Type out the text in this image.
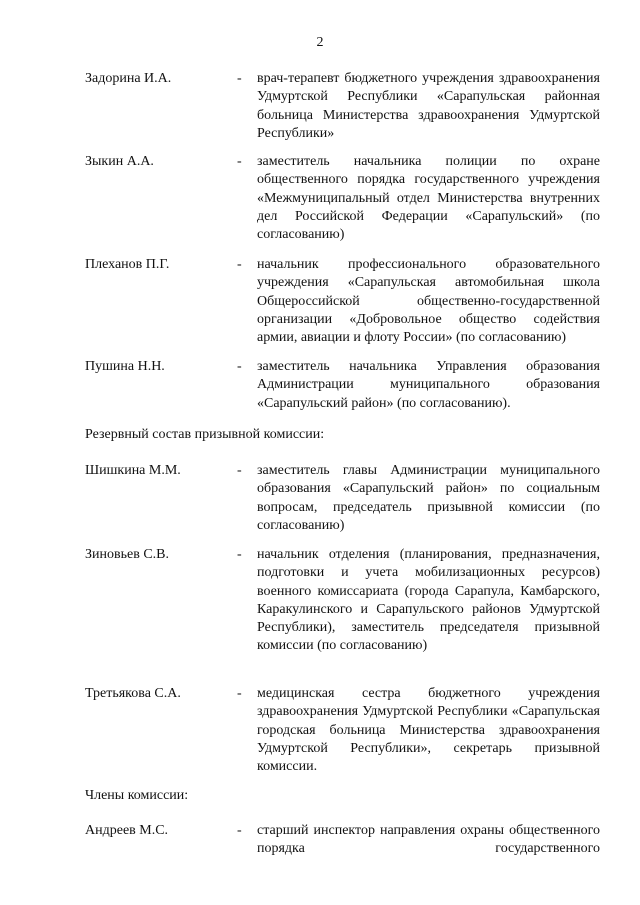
2
Задорина И.А.	- врач-терапевт бюджетного учреждения здравоохранения Удмуртской Республики «Сарапульская районная больница Министерства здравоохранения Удмуртской Республики»
Зыкин А.А.	- заместитель начальника полиции по охране общественного порядка государственного учреждения «Межмуниципальный отдел Министерства внутренних дел Российской Федерации «Сарапульский» (по согласованию)
Плеханов П.Г.	- начальник профессионального образовательного учреждения «Сарапульская автомобильная школа Общероссийской общественно-государственной организации «Добровольное общество содействия армии, авиации и флоту России» (по согласованию)
Пушина Н.Н.	- заместитель начальника Управления образования Администрации муниципального образования «Сарапульский район» (по согласованию).
Резервный состав призывной комиссии:
Шишкина М.М.	- заместитель главы Администрации муниципального образования «Сарапульский район» по социальным вопросам, председатель призывной комиссии (по согласованию)
Зиновьев С.В.	- начальник отделения (планирования, предназначения, подготовки и учета мобилизационных ресурсов) военного комиссариата (города Сарапула, Камбарского, Каракулинского и Сарапульского районов Удмуртской Республики), заместитель председателя призывной комиссии (по согласованию)
Третьякова С.А.	- медицинская сестра бюджетного учреждения здравоохранения Удмуртской Республики «Сарапульская городская больница Министерства здравоохранения Удмуртской Республики», секретарь призывной комиссии.
Члены комиссии:
Андреев М.С.	- старший инспектор направления охраны общественного порядка государственного
